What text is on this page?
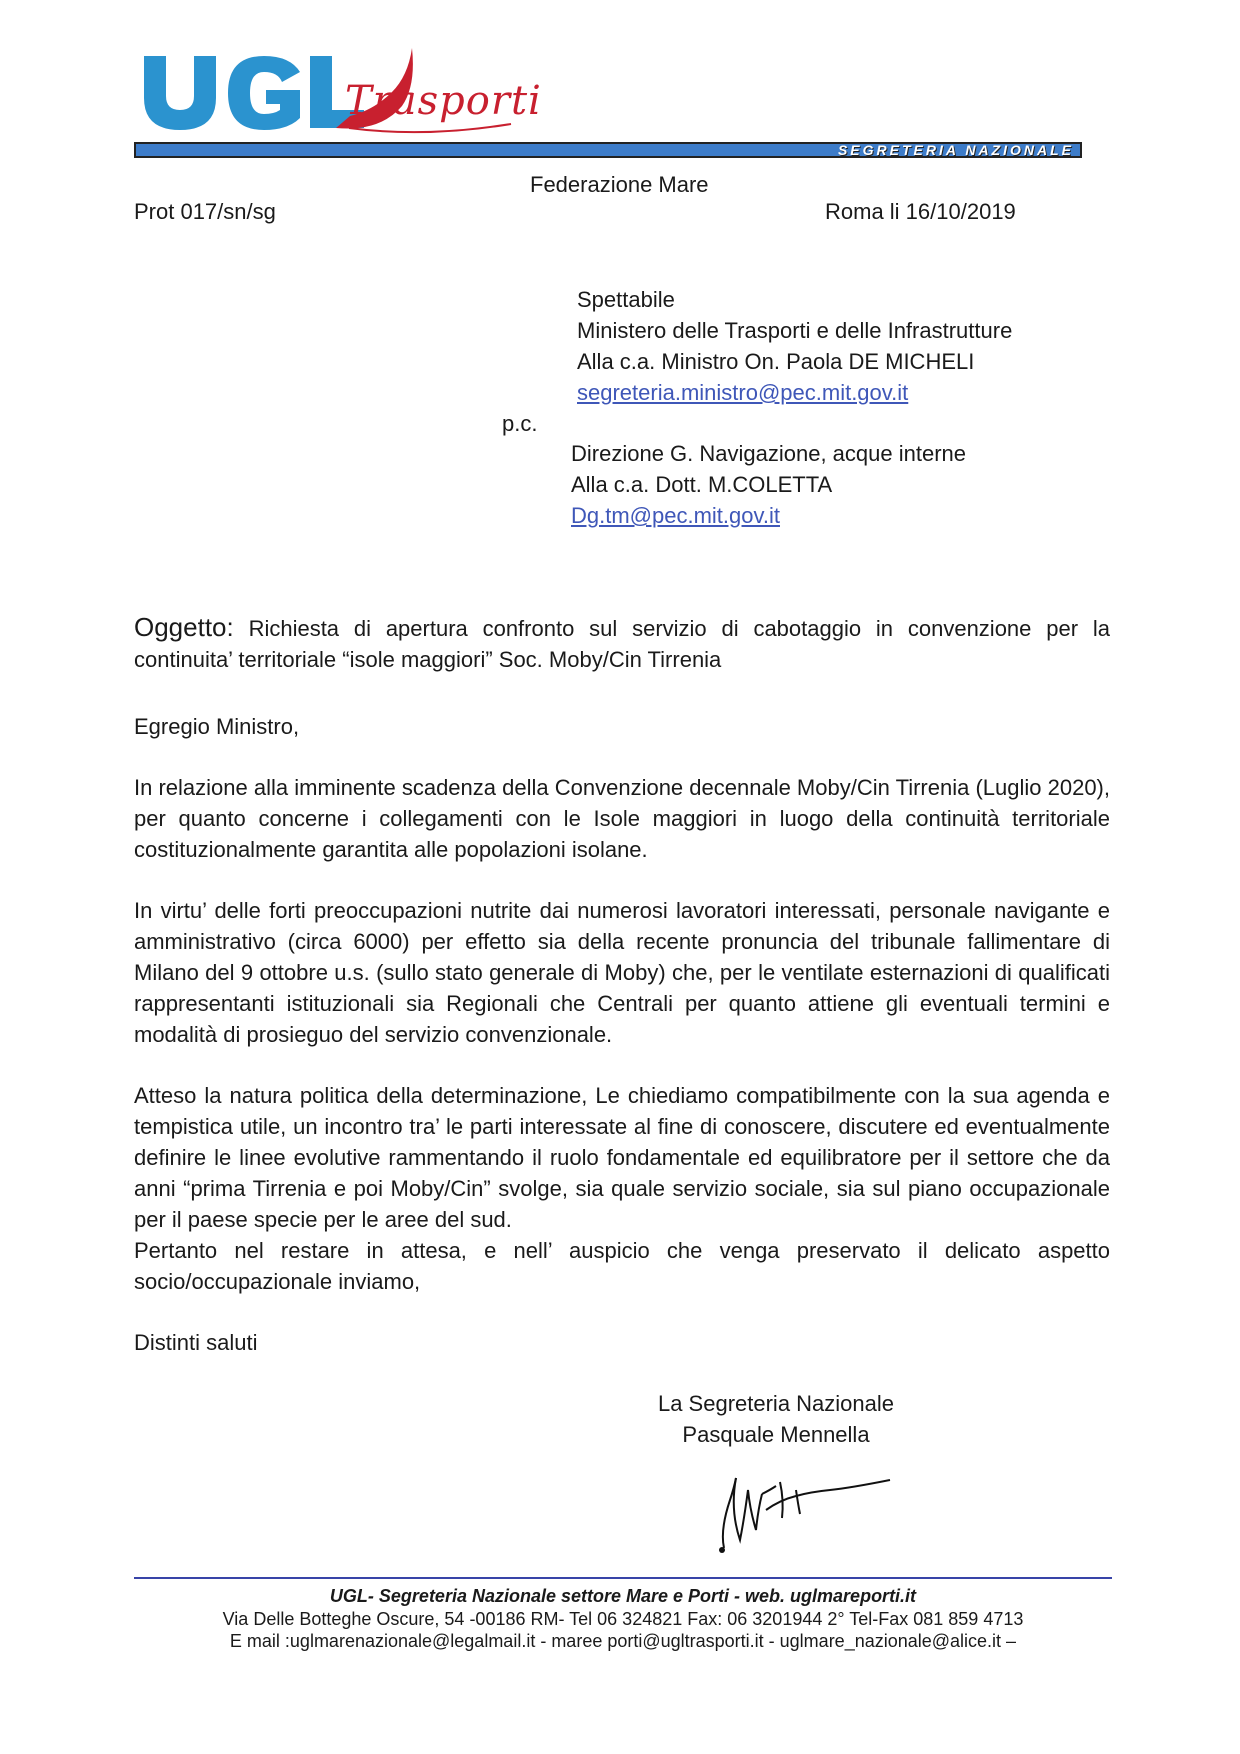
Trasporti
SEGRETERIA NAZIONALE
Federazione Mare
Prot 017/sn/sg	Roma li 16/10/2019
Spettabile
Ministero delle Trasporti e delle Infrastrutture
Alla c.a. Ministro On. Paola DE MICHELI
segreteria.ministro@pec.mit.gov.it
p.c.
Direzione G. Navigazione, acque interne
Alla c.a. Dott. M.COLETTA
Dg.tm@pec.mit.gov.it
Oggetto: Richiesta di apertura confronto sul servizio di cabotaggio in convenzione per la continuita’ territoriale “isole maggiori” Soc. Moby/Cin Tirrenia

Egregio Ministro,

In relazione alla imminente scadenza della Convenzione decennale Moby/Cin Tirrenia (Luglio 2020), per quanto concerne i collegamenti con le Isole maggiori in luogo della continuità territoriale costituzionalmente garantita alle popolazioni isolane.

In virtu’ delle forti preoccupazioni nutrite dai numerosi lavoratori interessati, personale navigante e amministrativo (circa 6000) per effetto sia della recente pronuncia del tribunale fallimentare di Milano del 9 ottobre u.s. (sullo stato generale di Moby) che, per le ventilate esternazioni di qualificati rappresentanti istituzionali sia Regionali che Centrali per quanto attiene gli eventuali termini e modalità di prosieguo del servizio convenzionale.

Atteso la natura politica della determinazione, Le chiediamo compatibilmente con la sua agenda e tempistica utile, un incontro tra’ le parti interessate al fine di conoscere, discutere ed eventualmente definire le linee evolutive rammentando il ruolo fondamentale ed equilibratore per il settore che da anni “prima Tirrenia e poi Moby/Cin” svolge, sia quale servizio sociale, sia sul piano occupazionale per il paese specie per le aree del sud.

Pertanto nel restare in attesa, e nell’ auspicio che venga preservato il delicato aspetto socio/occupazionale inviamo,

Distinti saluti

La Segreteria Nazionale
Pasquale Mennella
UGL- Segreteria Nazionale settore Mare e Porti - web. uglmareporti.it
Via Delle Botteghe Oscure, 54 -00186 RM- Tel 06 324821 Fax: 06 3201944 2° Tel-Fax 081 859 4713
E mail :uglmarenazionale@legalmail.it - maree porti@ugltrasporti.it - uglmare_nazionale@alice.it –
